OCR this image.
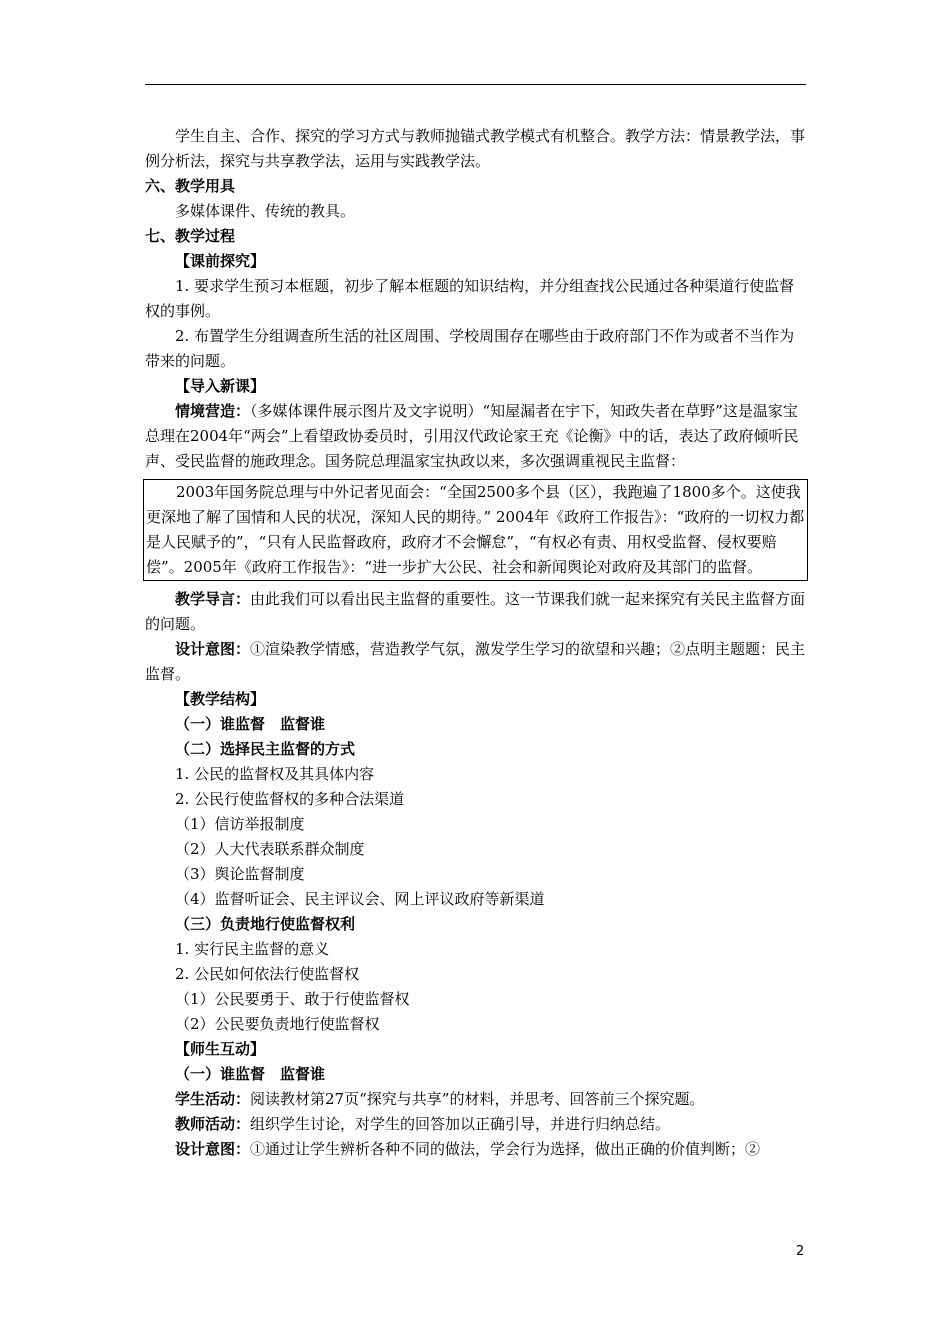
学生自主、合作、探究的学习方式与教师抛锚式教学模式有机整合。教学方法：情景教学法，事例分析法，探究与共享教学法，运用与实践教学法。

六、教学用具

多媒体课件、传统的教具。

七、教学过程

【课前探究】

1. 要求学生预习本框题，初步了解本框题的知识结构，并分组查找公民通过各种渠道行使监督权的事例。

2. 布置学生分组调查所生活的社区周围、学校周围存在哪些由于政府部门不作为或者不当作为带来的问题。

【导入新课】

情境营造：（多媒体课件展示图片及文字说明）“知屋漏者在宇下，知政失者在草野”这是温家宝总理在2004年“两会”上看望政协委员时，引用汉代政论家王充《论衡》中的话，表达了政府倾听民声、受民监督的施政理念。国务院总理温家宝执政以来，多次强调重视民主监督：

2003年国务院总理与中外记者见面会：“全国2500多个县（区），我跑遍了1800多个。这使我更深地了解了国情和人民的状况，深知人民的期待。” 2004年《政府工作报告》：“政府的一切权力都是人民赋予的”，“只有人民监督政府，政府才不会懈怠”，“有权必有责、用权受监督、侵权要赔偿”。2005年《政府工作报告》：“进一步扩大公民、社会和新闻舆论对政府及其部门的监督。

教学导言：由此我们可以看出民主监督的重要性。这一节课我们就一起来探究有关民主监督方面的问题。

设计意图：①渲染教学情感，营造教学气氛，激发学生学习的欲望和兴趣；②点明主题题：民主监督。

【教学结构】

（一）谁监督　监督谁

（二）选择民主监督的方式

1. 公民的监督权及其具体内容

2. 公民行使监督权的多种合法渠道

（1）信访举报制度

（2）人大代表联系群众制度

（3）舆论监督制度

（4）监督听证会、民主评议会、网上评议政府等新渠道

（三）负责地行使监督权利

1. 实行民主监督的意义

2. 公民如何依法行使监督权

（1）公民要勇于、敢于行使监督权

（2）公民要负责地行使监督权

【师生互动】

（一）谁监督　监督谁

学生活动：阅读教材第27页“探究与共享”的材料，并思考、回答前三个探究题。

教师活动：组织学生讨论，对学生的回答加以正确引导，并进行归纳总结。

设计意图：①通过让学生辨析各种不同的做法，学会行为选择，做出正确的价值判断；②

2
